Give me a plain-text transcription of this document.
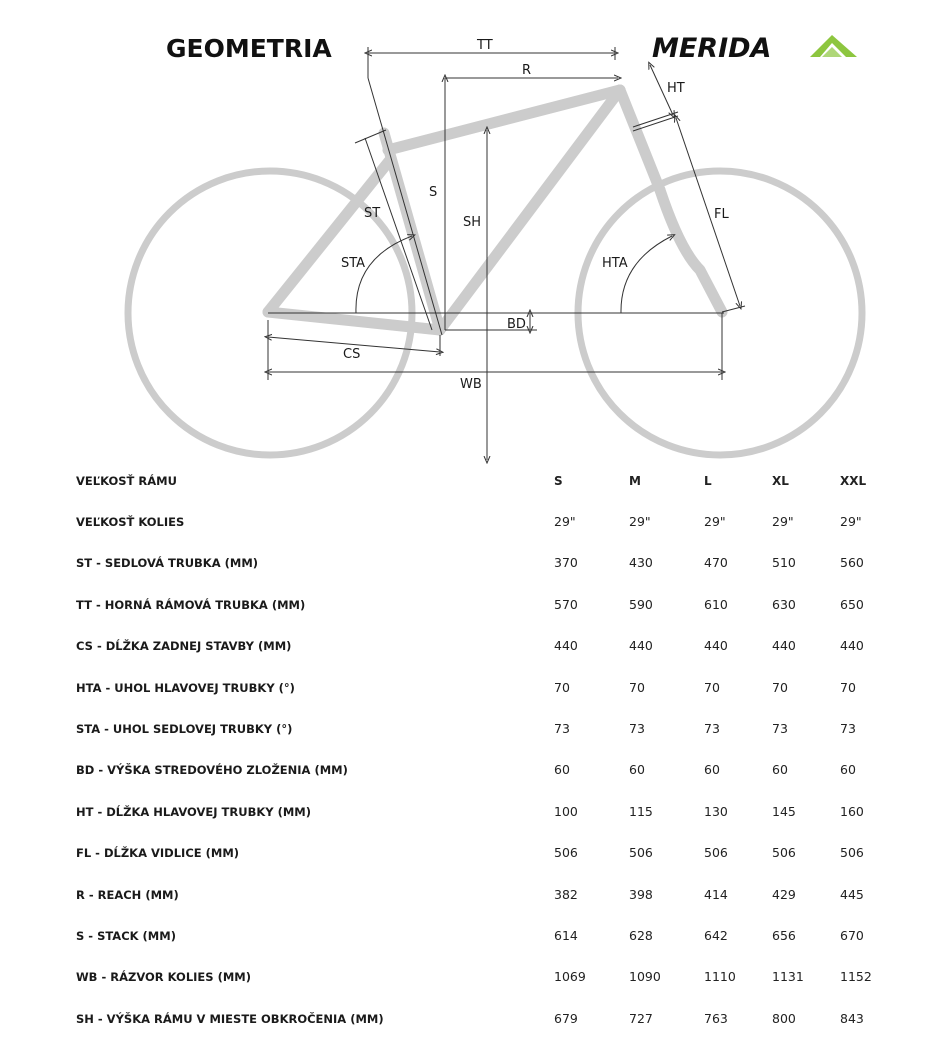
GEOMETRIA	MERIDA
TT
R
HT
S
ST
SH
FL
STA	HTA
BD
CS
WB
VEĽKOSŤ RÁMU	S	M	L	XL	XXL
VEĽKOSŤ KOLIES	29"	29"	29"	29"	29"
ST - SEDLOVÁ TRUBKA (MM)	370	430	470	510	560
TT - HORNÁ RÁMOVÁ TRUBKA (MM)	570	590	610	630	650
CS - DĹŽKA ZADNEJ STAVBY (MM)	440	440	440	440	440
HTA - UHOL HLAVOVEJ TRUBKY (°)	70	70	70	70	70
STA - UHOL SEDLOVEJ TRUBKY (°)	73	73	73	73	73
BD - VÝŠKA STREDOVÉHO ZLOŽENIA (MM)	60	60	60	60	60
HT - DĹŽKA HLAVOVEJ TRUBKY (MM)	100	115	130	145	160
FL - DĹŽKA VIDLICE (MM)	506	506	506	506	506
R - REACH (MM)	382	398	414	429	445
S - STACK (MM)	614	628	642	656	670
WB - RÁZVOR KOLIES (MM)	1069	1090	1110	1131	1152
SH - VÝŠKA RÁMU V MIESTE OBKROČENIA (MM)	679	727	763	800	843
